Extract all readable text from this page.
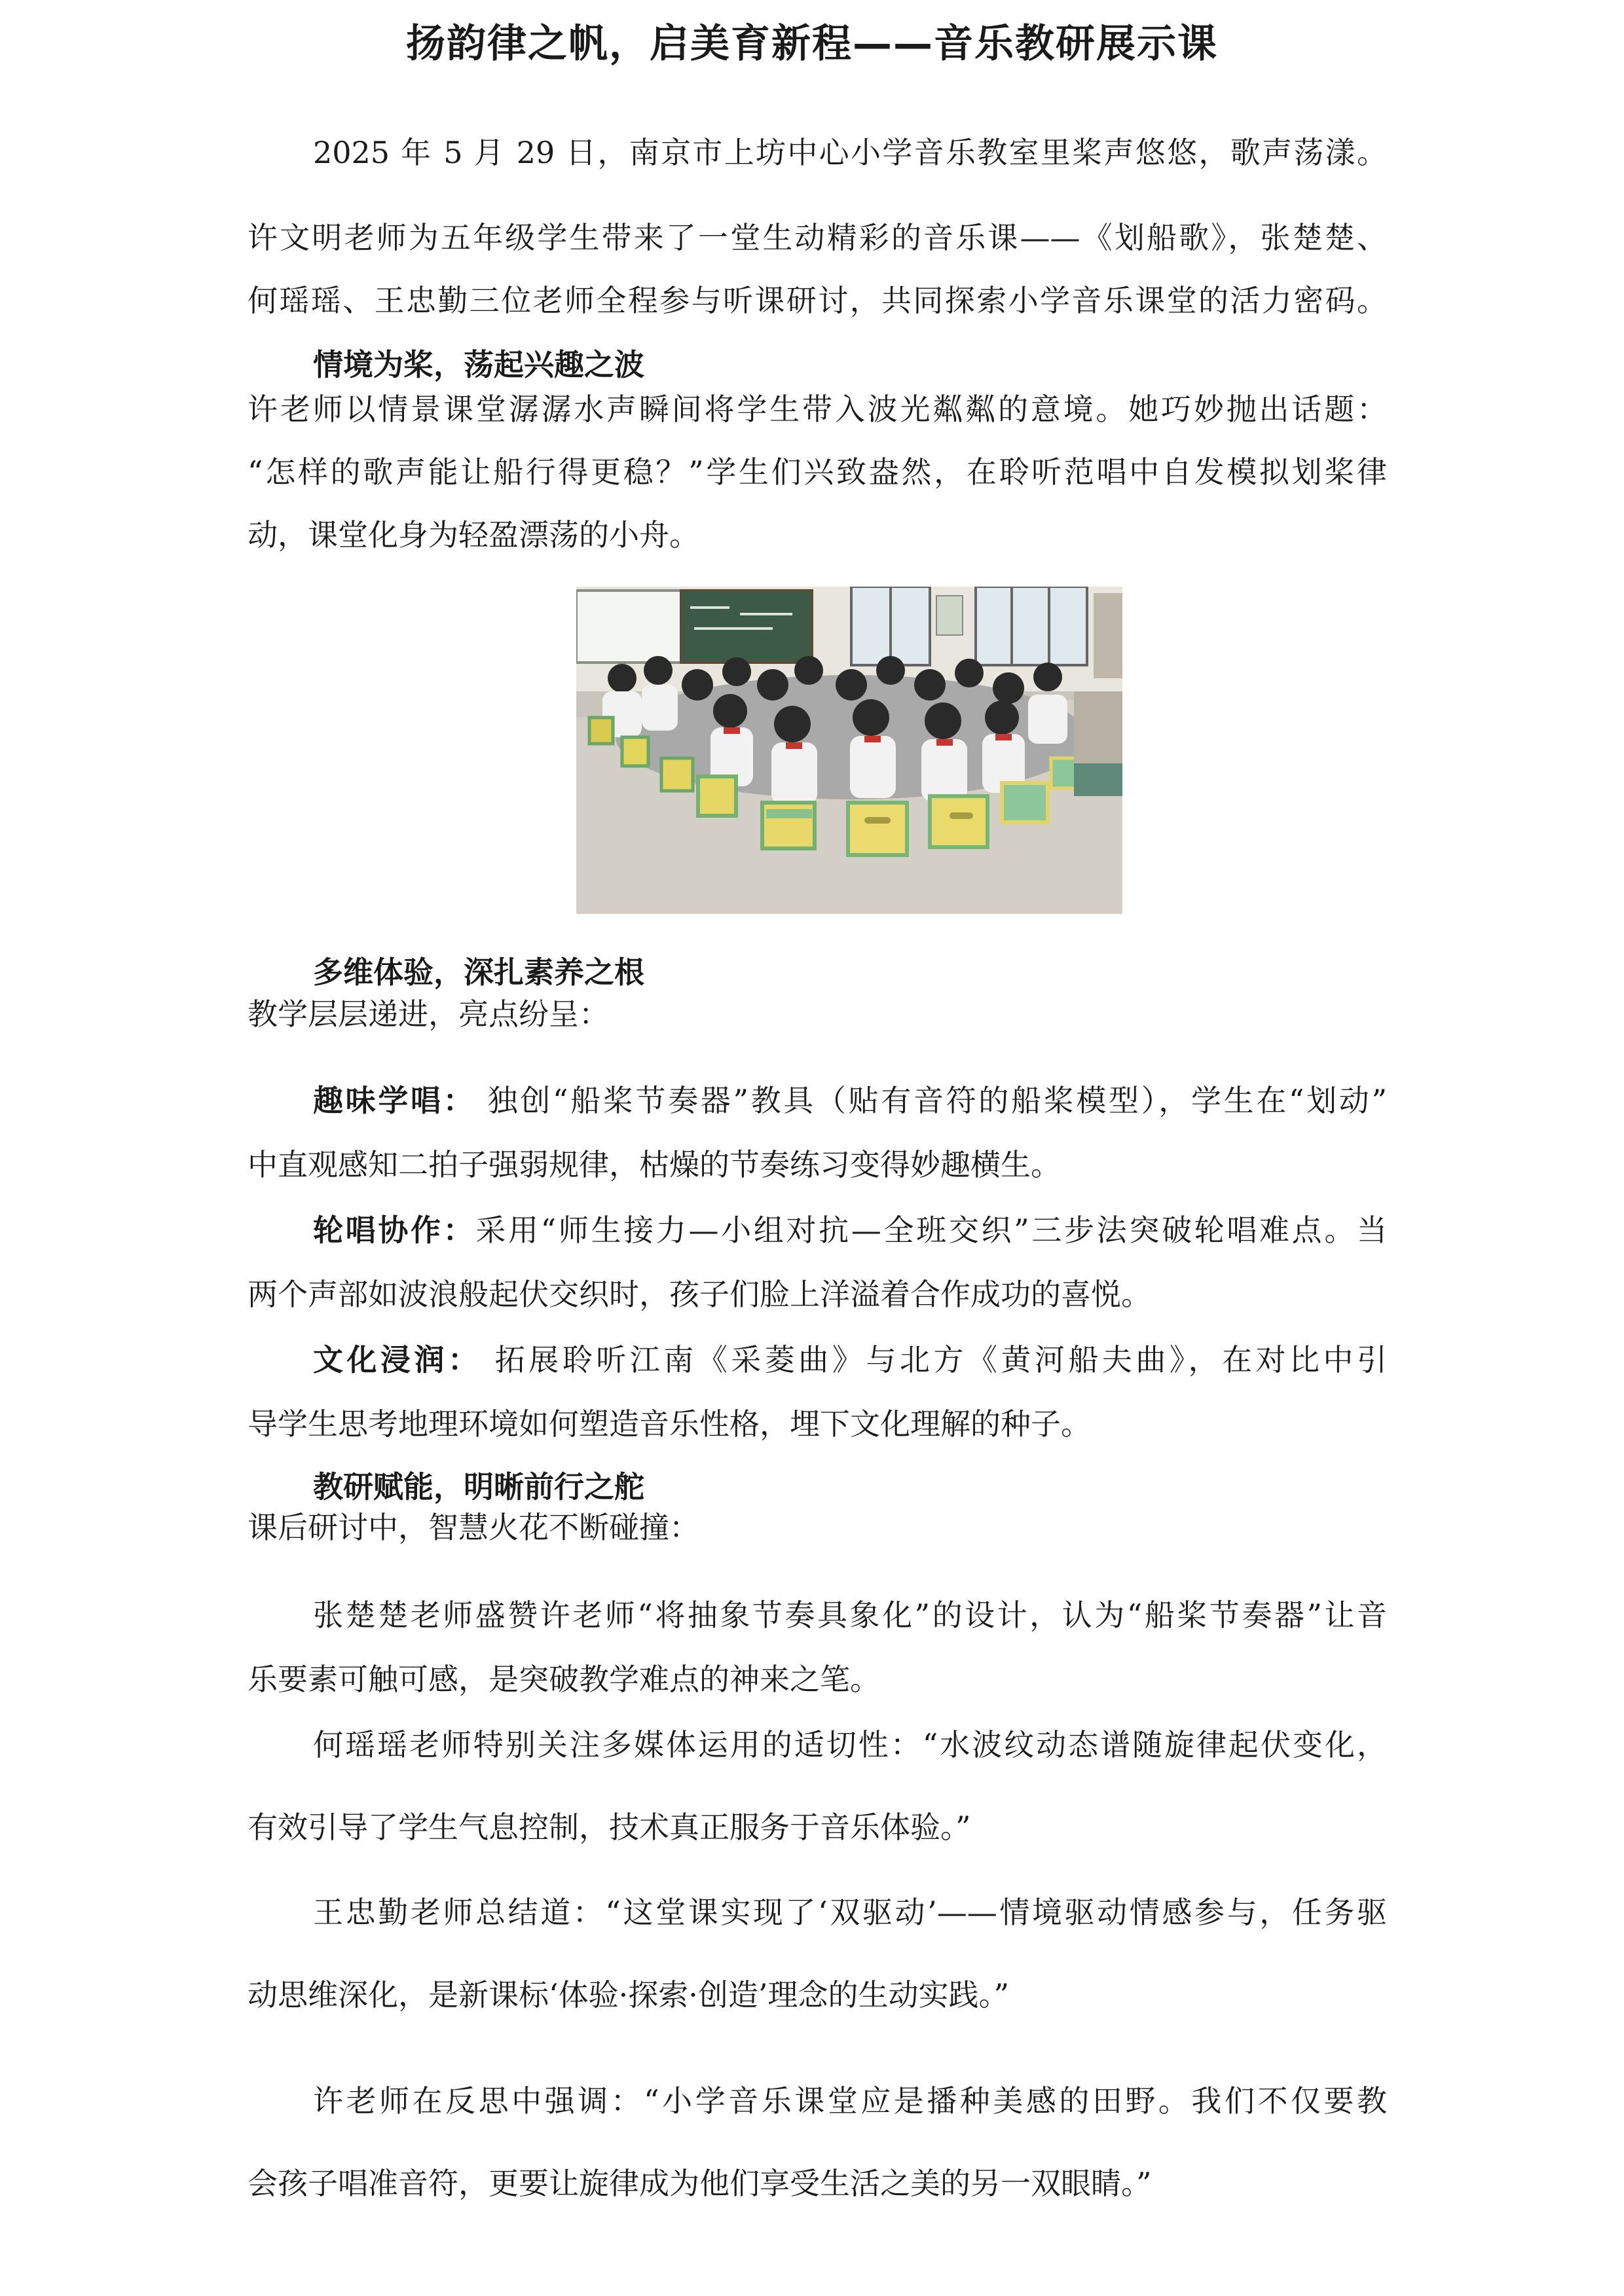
扬韵律之帆，启美育新程——音乐教研展示课
2025 年 5 月 29 日，南京市上坊中心小学音乐教室里桨声悠悠，歌声荡漾。
许文明老师为五年级学生带来了一堂生动精彩的音乐课——《划船歌》，张楚楚、
何瑶瑶、王忠勤三位老师全程参与听课研讨，共同探索小学音乐课堂的活力密码。
情境为桨，荡起兴趣之波
许老师以情景课堂潺潺水声瞬间将学生带入波光粼粼的意境。她巧妙抛出话题：
“怎样的歌声能让船行得更稳？”学生们兴致盎然，在聆听范唱中自发模拟划桨律
动，课堂化身为轻盈漂荡的小舟。
多维体验，深扎素养之根
教学层层递进，亮点纷呈：
趣味学唱： 独创“船桨节奏器”教具（贴有音符的船桨模型），学生在“划动”
中直观感知二拍子强弱规律，枯燥的节奏练习变得妙趣横生。
轮唱协作：采用“师生接力—小组对抗—全班交织”三步法突破轮唱难点。当
两个声部如波浪般起伏交织时，孩子们脸上洋溢着合作成功的喜悦。
文化浸润： 拓展聆听江南《采菱曲》与北方《黄河船夫曲》，在对比中引
导学生思考地理环境如何塑造音乐性格，埋下文化理解的种子。
教研赋能，明晰前行之舵
课后研讨中，智慧火花不断碰撞：
张楚楚老师盛赞许老师“将抽象节奏具象化”的设计，认为“船桨节奏器”让音
乐要素可触可感，是突破教学难点的神来之笔。
何瑶瑶老师特别关注多媒体运用的适切性：“水波纹动态谱随旋律起伏变化，
有效引导了学生气息控制，技术真正服务于音乐体验。”
王忠勤老师总结道：“这堂课实现了‘双驱动’——情境驱动情感参与，任务驱
动思维深化，是新课标‘体验·探索·创造’理念的生动实践。”
许老师在反思中强调：“小学音乐课堂应是播种美感的田野。我们不仅要教
会孩子唱准音符，更要让旋律成为他们享受生活之美的另一双眼睛。”
